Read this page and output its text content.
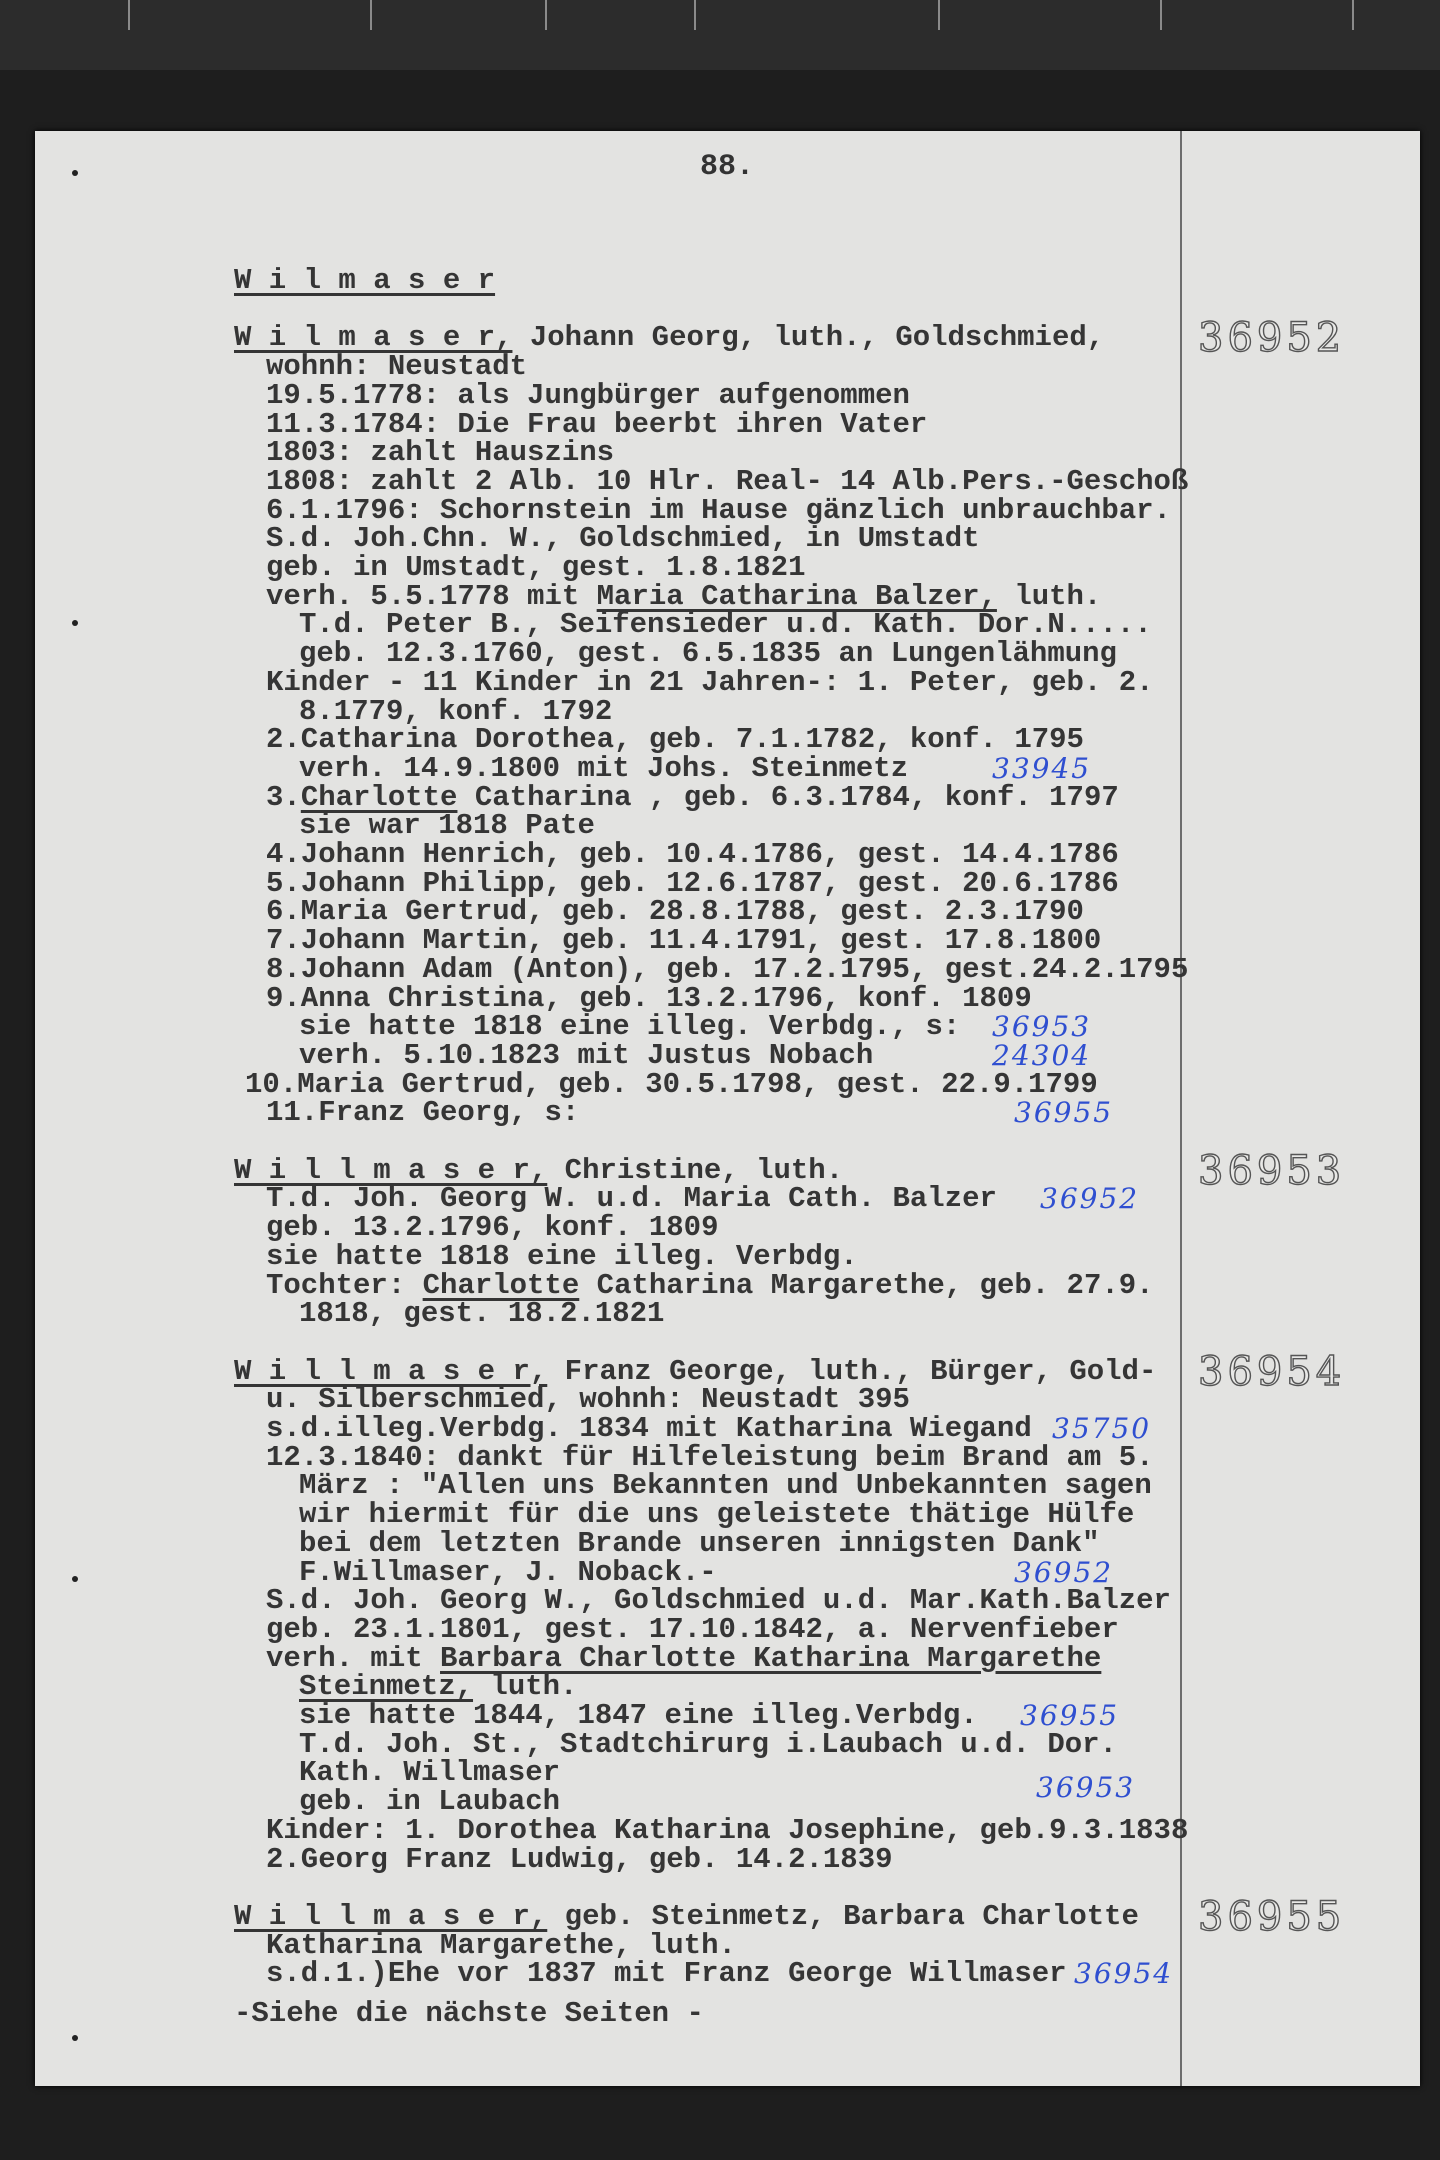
88.
W i l m a s e r
36952
W i l m a s e r, Johann Georg, luth., Goldschmied,
wohnh: Neustadt
19.5.1778: als Jungbürger aufgenommen
11.3.1784: Die Frau beerbt ihren Vater
1803: zahlt Hauszins
1808: zahlt 2 Alb. 10 Hlr. Real- 14 Alb.Pers.-Geschoß
6.1.1796: Schornstein im Hause gänzlich unbrauchbar.
S.d. Joh.Chn. W., Goldschmied, in Umstadt
geb. in Umstadt, gest. 1.8.1821
verh. 5.5.1778 mit Maria Catharina Balzer, luth.
T.d. Peter B., Seifensieder u.d. Kath. Dor.N.....
geb. 12.3.1760, gest. 6.5.1835 an Lungenlähmung
Kinder - 11 Kinder in 21 Jahren-: 1. Peter, geb. 2.
8.1779, konf. 1792
2.Catharina Dorothea, geb. 7.1.1782, konf. 1795
verh. 14.9.1800 mit Johs. Steinmetz
3.Charlotte Catharina , geb. 6.3.1784, konf. 1797
sie war 1818 Pate
4.Johann Henrich, geb. 10.4.1786, gest. 14.4.1786
5.Johann Philipp, geb. 12.6.1787, gest. 20.6.1786
6.Maria Gertrud, geb. 28.8.1788, gest. 2.3.1790
7.Johann Martin, geb. 11.4.1791, gest. 17.8.1800
8.Johann Adam (Anton), geb. 17.2.1795, gest.24.2.1795
9.Anna Christina, geb. 13.2.1796, konf. 1809
sie hatte 1818 eine illeg. Verbdg., s:
verh. 5.10.1823 mit Justus Nobach
10.Maria Gertrud, geb. 30.5.1798, gest. 22.9.1799
11.Franz Georg, s:
33945
36953
24304
36955
36953
W i l l m a s e r, Christine, luth.
T.d. Joh. Georg W. u.d. Maria Cath. Balzer
geb. 13.2.1796, konf. 1809
sie hatte 1818 eine illeg. Verbdg.
Tochter: Charlotte Catharina Margarethe, geb. 27.9.
1818, gest. 18.2.1821
36952
36954
W i l l m a s e r, Franz George, luth., Bürger, Gold-
u. Silberschmied, wohnh: Neustadt 395
s.d.illeg.Verbdg. 1834 mit Katharina Wiegand
12.3.1840: dankt für Hilfeleistung beim Brand am 5.
März : "Allen uns Bekannten und Unbekannten sagen
wir hiermit für die uns geleistete thätige Hülfe
bei dem letzten Brande unseren innigsten Dank"
F.Willmaser, J. Noback.-
S.d. Joh. Georg W., Goldschmied u.d. Mar.Kath.Balzer
geb. 23.1.1801, gest. 17.10.1842, a. Nervenfieber
verh. mit Barbara Charlotte Katharina Margarethe
Steinmetz, luth.
sie hatte 1844, 1847 eine illeg.Verbdg.
T.d. Joh. St., Stadtchirurg i.Laubach u.d. Dor.
Kath. Willmaser
geb. in Laubach
Kinder: 1. Dorothea Katharina Josephine, geb.9.3.1838
2.Georg Franz Ludwig, geb. 14.2.1839
35750
36952
36955
36953
36955
W i l l m a s e r, geb. Steinmetz, Barbara Charlotte
Katharina Margarethe, luth.
s.d.1.)Ehe vor 1837 mit Franz George Willmaser 36954
-Siehe die nächste Seiten -
